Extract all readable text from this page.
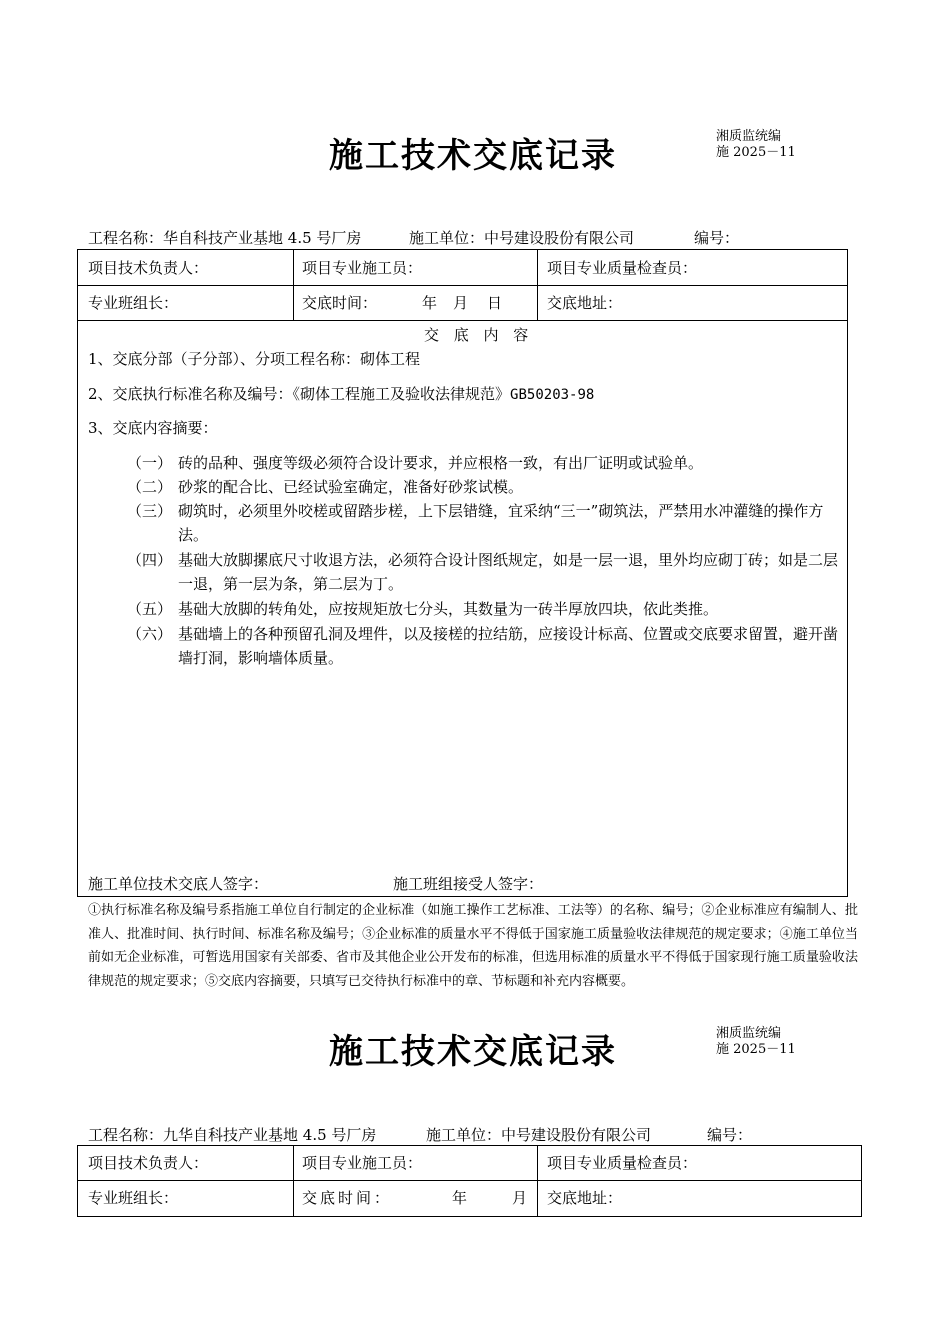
施工技术交底记录	湘质监统编
施 2025－11
工程名称：华自科技产业基地 4.5 号厂房	施工单位：中号建设股份有限公司	编号：
项目技术负责人：	项目专业施工员：	项目专业质量检查员：
专业班组长：	交底时间：	年 月 日	交底地址：
交 底 内 容
1、交底分部（子分部）、分项工程名称：砌体工程
2、交底执行标准名称及编号：《砌体工程施工及验收法律规范》GB50203-98
3、交底内容摘要：
（一） 砖的品种、强度等级必须符合设计要求，并应根格一致，有出厂证明或试验单。
（二） 砂浆的配合比、已经试验室确定，准备好砂浆试模。
（三） 砌筑时，必须里外咬槎或留踏步槎，上下层错缝，宜采纳“三一”砌筑法，严禁用水冲灌缝的操作方法。
（四） 基础大放脚摞底尺寸收退方法，必须符合设计图纸规定，如是一层一退，里外均应砌丁砖；如是二层一退，第一层为条，第二层为丁。
（五） 基础大放脚的转角处，应按规矩放七分头，其数量为一砖半厚放四块，依此类推。
（六） 基础墙上的各种预留孔洞及埋件，以及接槎的拉结筋，应接设计标高、位置或交底要求留置，避开凿墙打洞，影响墙体质量。
施工单位技术交底人签字：	施工班组接受人签字：
①执行标准名称及编号系指施工单位自行制定的企业标准（如施工操作工艺标准、工法等）的名称、编号；②企业标准应有编制人、批准人、批准时间、执行时间、标准名称及编号；③企业标准的质量水平不得低于国家施工质量验收法律规范的规定要求；④施工单位当前如无企业标准，可暂选用国家有关部委、省市及其他企业公开发布的标准，但选用标准的质量水平不得低于国家现行施工质量验收法律规范的规定要求；⑤交底内容摘要，只填写已交待执行标准中的章、节标题和补充内容概要。
施工技术交底记录	湘质监统编
施 2025－11
工程名称：九华自科技产业基地 4.5 号厂房	施工单位：中号建设股份有限公司	编号：
项目技术负责人：	项目专业施工员：	项目专业质量检查员：
专业班组长：	交底时间：	年	月 交底地址：
